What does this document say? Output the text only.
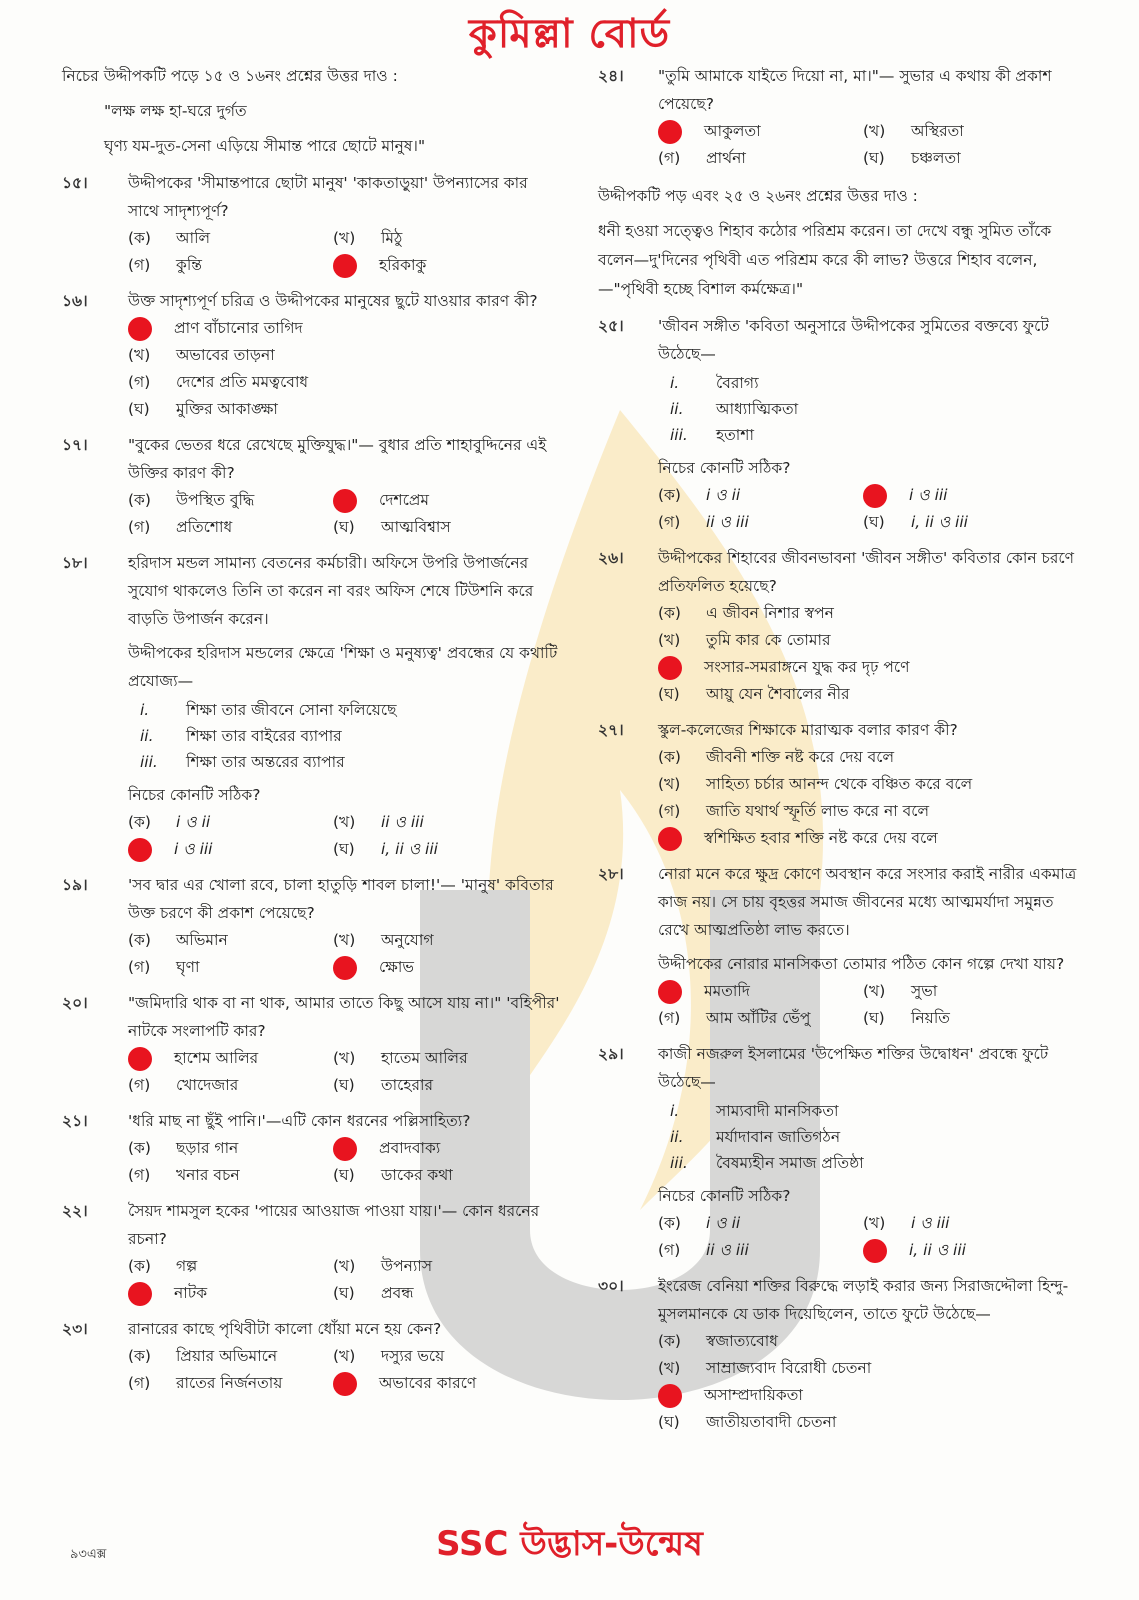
কুমিল্লা বোর্ড
নিচের উদ্দীপকটি পড়ে ১৫ ও ১৬নং প্রশ্নের উত্তর দাও :
"লক্ষ লক্ষ হা-ঘরে দুর্গত
ঘৃণ্য যম-দুত-সেনা এড়িয়ে সীমান্ত পারে ছোটে মানুষ।"
১৫।	উদ্দীপকের 'সীমান্তপারে ছোটা মানুষ' 'কাকতাড়ুয়া' উপন্যাসের কার সাথে সাদৃশ্যপূর্ণ?
(ক)	আলি	(খ)	মিঠু
(গ)	কুন্তি	হরিকাকু
১৬।	উক্ত সাদৃশ্যপূর্ণ চরিত্র ও উদ্দীপকের মানুষের ছুটে যাওয়ার কারণ কী?
প্রাণ বাঁচানোর তাগিদ
(খ)	অভাবের তাড়না
(গ)	দেশের প্রতি মমত্ববোধ
(ঘ)	মুক্তির আকাঙ্ক্ষা
১৭।	"বুকের ভেতর ধরে রেখেছে মুক্তিযুদ্ধ।"— বুধার প্রতি শাহাবুদ্দিনের এই উক্তির কারণ কী?
(ক)	উপস্থিত বুদ্ধি	দেশপ্রেম
(গ)	প্রতিশোধ	(ঘ)	আত্মবিশ্বাস
১৮।	হরিদাস মন্ডল সামান্য বেতনের কর্মচারী। অফিসে উপরি উপার্জনের সুযোগ থাকলেও তিনি তা করেন না বরং অফিস শেষে টিউশনি করে বাড়তি উপার্জন করেন।
উদ্দীপকের হরিদাস মন্ডলের ক্ষেত্রে 'শিক্ষা ও মনুষ্যত্ব' প্রবন্ধের যে কথাটি প্রযোজ্য—
i.	শিক্ষা তার জীবনে সোনা ফলিয়েছে
ii.	শিক্ষা তার বাইরের ব্যাপার
iii.	শিক্ষা তার অন্তরের ব্যাপার
নিচের কোনটি সঠিক?
(ক)	i ও ii	(খ)	ii ও iii
i ও iii	(ঘ)	i, ii ও iii
১৯।	'সব দ্বার এর খোলা রবে, চালা হাতুড়ি শাবল চালা!'— 'মানুষ' কবিতার উক্ত চরণে কী প্রকাশ পেয়েছে?
(ক)	অভিমান	(খ)	অনুযোগ
(গ)	ঘৃণা	ক্ষোভ
২০।	"জমিদারি থাক বা না থাক, আমার তাতে কিছু আসে যায় না।" 'বহিপীর' নাটকে সংলাপটি কার?
হাশেম আলির	(খ)	হাতেম আলির
(গ)	খোদেজার	(ঘ)	তাহেরার
২১।	'ধরি মাছ না ছুঁই পানি।'—এটি কোন ধরনের পল্লিসাহিত্য?
(ক)	ছড়ার গান	প্রবাদবাক্য
(গ)	খনার বচন	(ঘ)	ডাকের কথা
২২।	সৈয়দ শামসুল হকের 'পায়ের আওয়াজ পাওয়া যায়।'— কোন ধরনের রচনা?
(ক)	গল্প	(খ)	উপন্যাস
নাটক	(ঘ)	প্রবন্ধ
২৩।	রানারের কাছে পৃথিবীটা কালো ধোঁয়া মনে হয় কেন?
(ক)	প্রিয়ার অভিমানে	(খ)	দস্যুর ভয়ে
(গ)	রাতের নির্জনতায়	অভাবের কারণে
২৪। "তুমি আমাকে যাইতে দিয়ো না, মা।"— সুভার এ কথায় কী প্রকাশ পেয়েছে?
আকুলতা	(খ)	অস্থিরতা
(গ)	প্রার্থনা	(ঘ)	চঞ্চলতা
উদ্দীপকটি পড় এবং ২৫ ও ২৬নং প্রশ্নের উত্তর দাও :
ধনী হওয়া সত্ত্বেও শিহাব কঠোর পরিশ্রম করেন। তা দেখে বন্ধু সুমিত তাঁকে বলেন—দু'দিনের পৃথিবী এত পরিশ্রম করে কী লাভ? উত্তরে শিহাব বলেন,—"পৃথিবী হচ্ছে বিশাল কর্মক্ষেত্র।"
২৫। 'জীবন সঙ্গীত 'কবিতা অনুসারে উদ্দীপকের সুমিতের বক্তব্যে ফুটে উঠেছে—
i.	বৈরাগ্য
ii.	আধ্যাত্মিকতা
iii.	হতাশা
নিচের কোনটি সঠিক?
(ক)	i ও ii	i ও iii
(গ)	ii ও iii	(ঘ)	i, ii ও iii
২৬। উদ্দীপকের শিহাবের জীবনভাবনা 'জীবন সঙ্গীত' কবিতার কোন চরণে প্রতিফলিত হয়েছে?
(ক)	এ জীবন নিশার স্বপন
(খ)	তুমি কার কে তোমার
সংসার-সমরাঙ্গনে যুদ্ধ কর দৃঢ় পণে
(ঘ)	আয়ু যেন শৈবালের নীর
২৭। স্কুল-কলেজের শিক্ষাকে মারাত্মক বলার কারণ কী?
(ক)	জীবনী শক্তি নষ্ট করে দেয় বলে
(খ)	সাহিত্য চর্চার আনন্দ থেকে বঞ্চিত করে বলে
(গ)	জাতি যথার্থ স্ফূর্তি লাভ করে না বলে
স্বশিক্ষিত হবার শক্তি নষ্ট করে দেয় বলে
২৮। নোরা মনে করে ক্ষুদ্র কোণে অবস্থান করে সংসার করাই নারীর একমাত্র কাজ নয়। সে চায় বৃহত্তর সমাজ জীবনের মধ্যে আত্মমর্যাদা সমুন্নত রেখে আত্মপ্রতিষ্ঠা লাভ করতে।
উদ্দীপকের নোরার মানসিকতা তোমার পঠিত কোন গল্পে দেখা যায়?
মমতাদি	(খ)	সুভা
(গ)	আম আঁটির ভেঁপু	(ঘ)	নিয়তি
২৯। কাজী নজরুল ইসলামের 'উপেক্ষিত শক্তির উদ্বোধন' প্রবন্ধে ফুটে উঠেছে—
i.	সাম্যবাদী মানসিকতা
ii.	মর্যাদাবান জাতিগঠন
iii.	বৈষম্যহীন সমাজ প্রতিষ্ঠা
নিচের কোনটি সঠিক?
(ক)	i ও ii	(খ)	i ও iii
(গ)	ii ও iii	i, ii ও iii
৩০। ইংরেজ বেনিয়া শক্তির বিরুদ্ধে লড়াই করার জন্য সিরাজদ্দৌলা হিন্দু-মুসলমানকে যে ডাক দিয়েছিলেন, তাতে ফুটে উঠেছে—
(ক)	স্বজাত্যবোধ
(খ)	সাম্রাজ্যবাদ বিরোধী চেতনা
অসাম্প্রদায়িকতা
(ঘ)	জাতীয়তাবাদী চেতনা
৯৩এক্স	SSC উদ্ভাস-উন্মেষ
